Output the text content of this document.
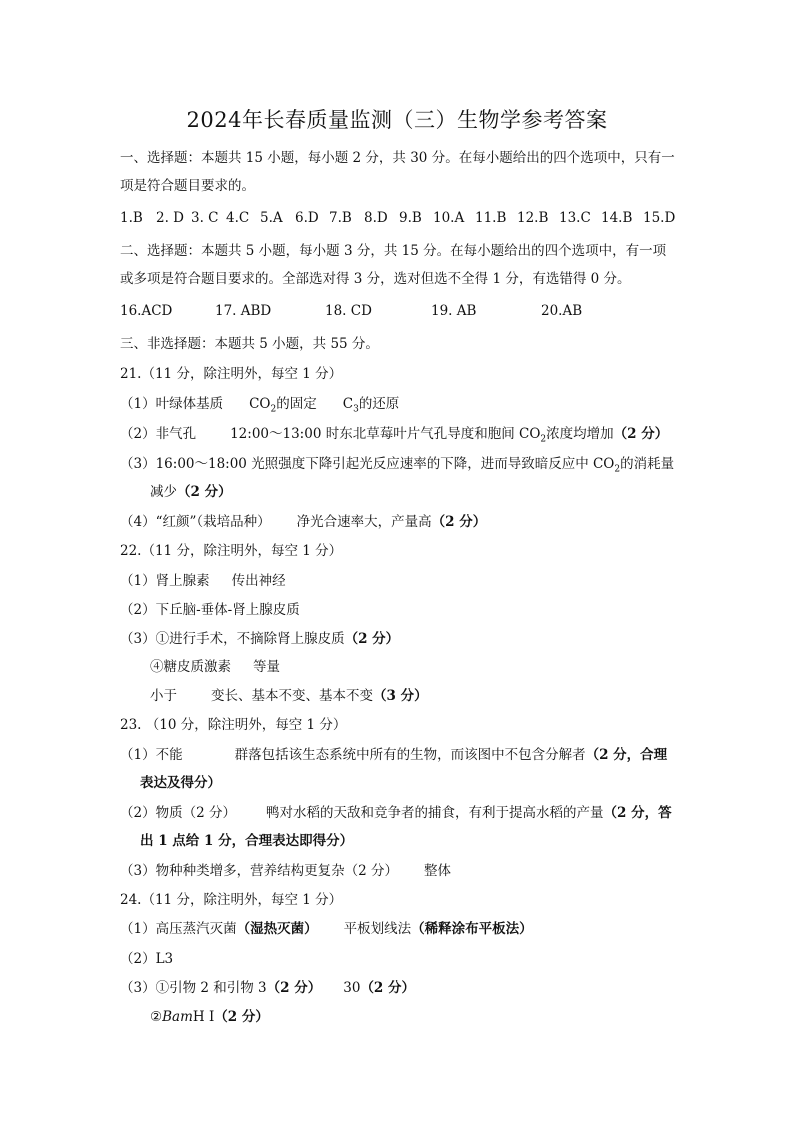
2024年长春质量监测（三）生物学参考答案
一、选择题：本题共 15 小题，每小题 2 分，共 30 分。在每小题给出的四个选项中，只有一
项是符合题目要求的。
1.B 2. D 3. C 4.C 5.A 6.D 7.B 8.D 9.B 10.A 11.B 12.B 13.C 14.B 15.D
二、选择题：本题共 5 小题，每小题 3 分，共 15 分。在每小题给出的四个选项中，有一项
或多项是符合题目要求的。全部选对得 3 分，选对但选不全得 1 分，有选错得 0 分。
16.ACD	17. ABD	18. CD	19. AB	20.AB
三、非选择题：本题共 5 小题，共 55 分。
21.（11 分，除注明外，每空 1 分）
（1）叶绿体基质 $CO_2$的固定 $C_3$的还原
（2）非气孔	12:00～13:00 时东北草莓叶片气孔导度和胞间 $CO_2$浓度均增加（2 分）
（3）16:00～18:00 光照强度下降引起光反应速率的下降，进而导致暗反应中 $CO_2$的消耗量
减少（2 分）
（4）“红颜”（栽培品种） 净光合速率大，产量高（2 分）
22.（11 分，除注明外，每空 1 分）
（1）肾上腺素 传出神经
（2）下丘脑-垂体-肾上腺皮质
（3）①进行手术，不摘除肾上腺皮质（2 分）
④糖皮质激素 等量
小于	变长、基本不变、基本不变（3 分）
23. （10 分，除注明外，每空 1 分）
（1）不能	群落包括该生态系统中所有的生物，而该图中不包含分解者（2 分，合理
表达及得分）
（2）物质（2 分） 鸭对水稻的天敌和竞争者的捕食，有利于提高水稻的产量（2 分，答
出 1 点给 1 分，合理表达即得分）
（3）物种种类增多，营养结构更复杂（2 分） 整体
24.（11 分，除注明外，每空 1 分）
（1）高压蒸汽灭菌（湿热灭菌） 平板划线法（稀释涂布平板法）
（2）L3
（3）①引物 2 和引物 3（2 分） 30（2 分）
②BamH I（2 分）
